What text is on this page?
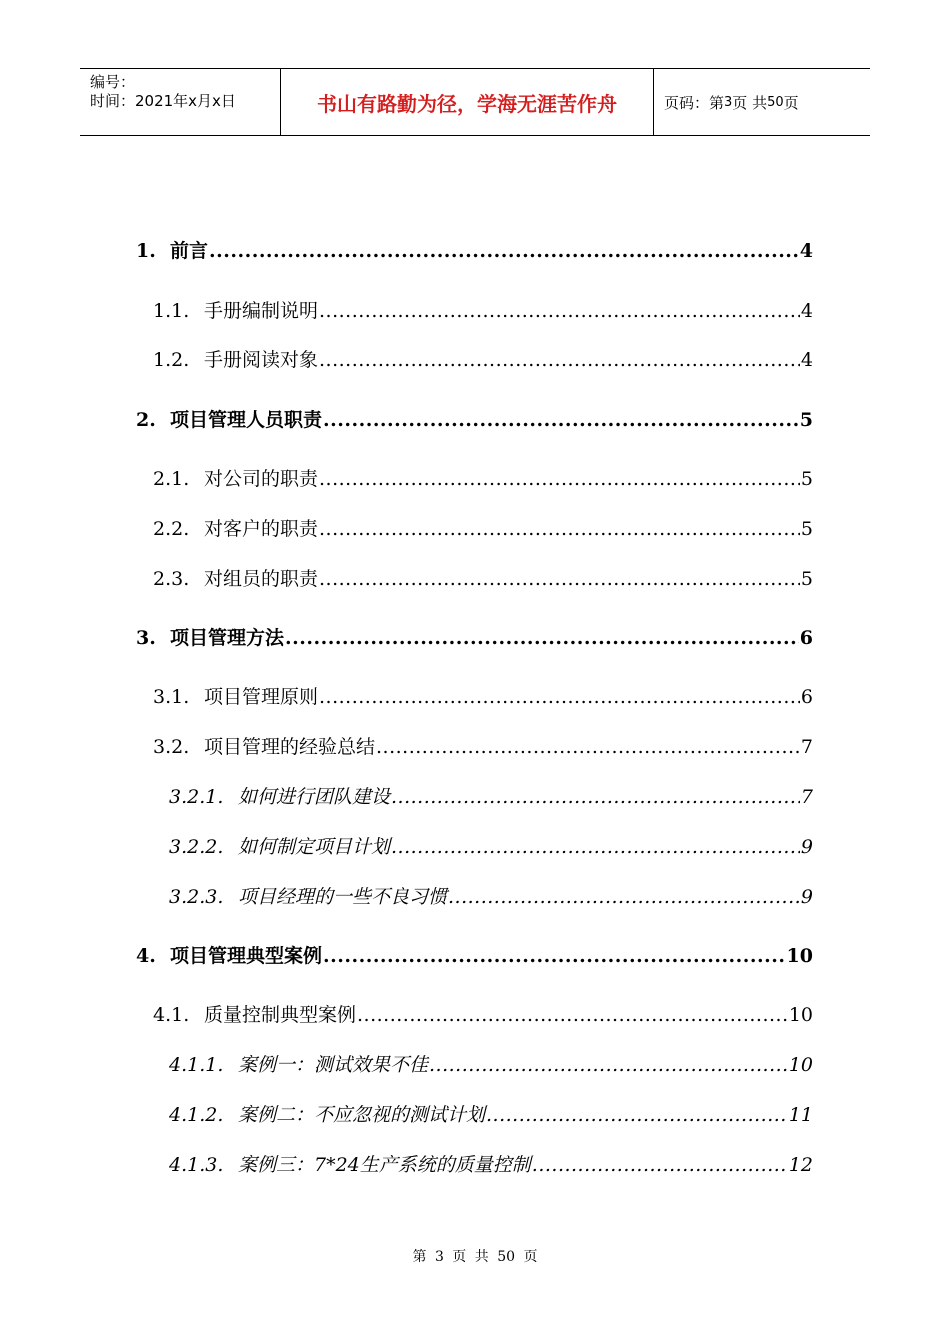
编号：
时间：2021年x月x日	书山有路勤为径，学海无涯苦作舟	页码：第 3 页 共 50 页
1. 前言 .....	4
1.1. 手册编制说明 .....	4
1.2. 手册阅读对象 .....	4
2. 项目管理人员职责 .....	5
2.1. 对公司的职责 .....	5
2.2. 对客户的职责 .....	5
2.3. 对组员的职责 .....	5
3. 项目管理方法 .....	6
3.1. 项目管理原则 .....	6
3.2. 项目管理的经验总结 .....	7
3.2.1. 如何进行团队建设 .....	7
3.2.2. 如何制定项目计划 .....	9
3.2.3. 项目经理的一些不良习惯 .....	9
4. 项目管理典型案例 .....	10
4.1. 质量控制典型案例 .....	10
4.1.1. 案例一：测试效果不佳 .....	10
4.1.2. 案例二：不应忽视的测试计划 .....	11
4.1.3. 案例三：7*24生产系统的质量控制 .....	12
第 3 页 共 50 页
